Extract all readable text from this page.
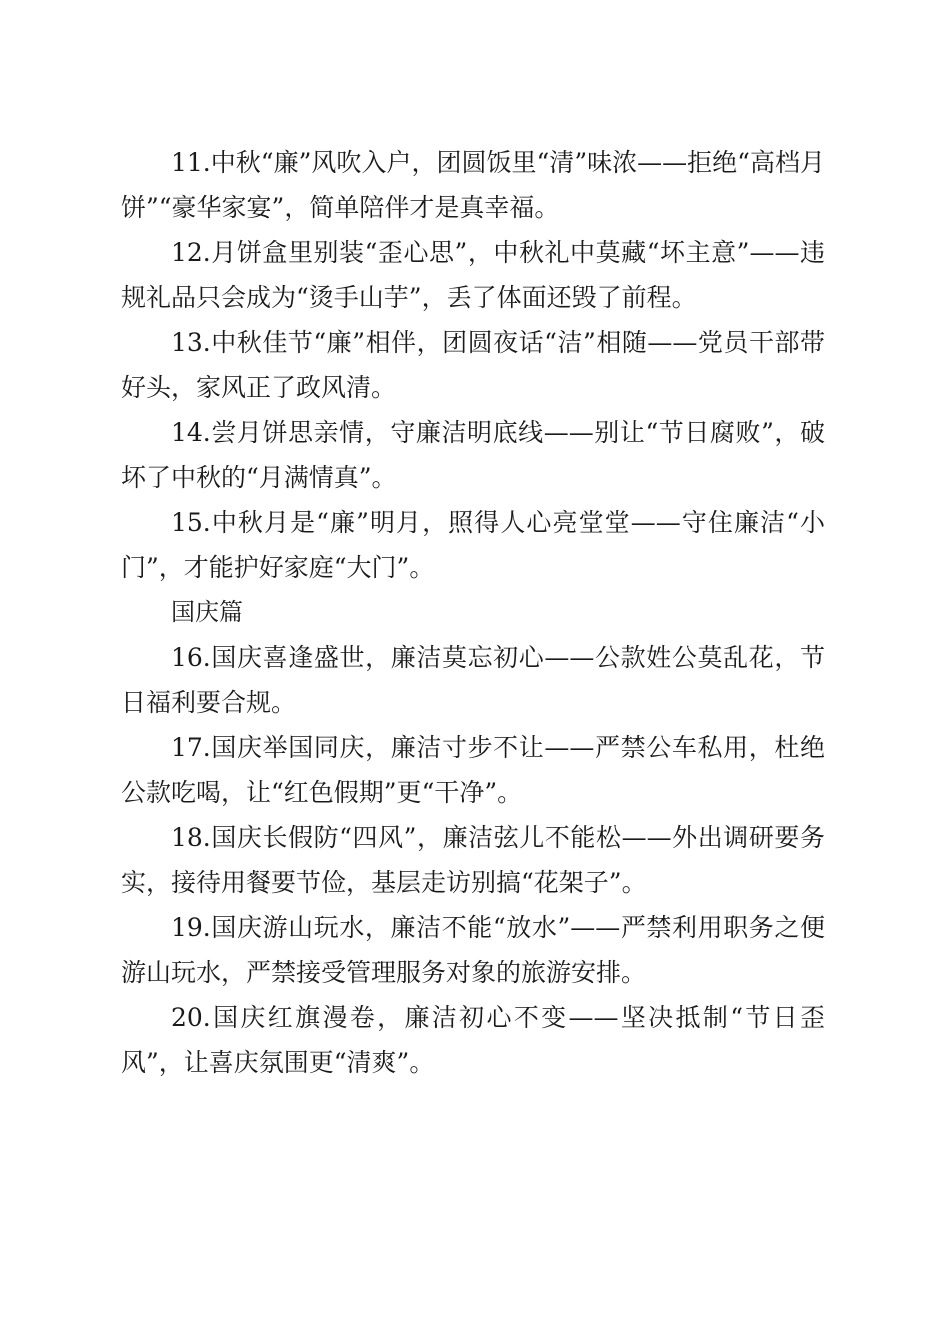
11.中秋“廉”风吹入户，团圆饭里“清”味浓——拒绝“高档月饼”“豪华家宴”，简单陪伴才是真幸福。

12.月饼盒里别装“歪心思”，中秋礼中莫藏“坏主意”——违规礼品只会成为“烫手山芋”，丢了体面还毁了前程。

13.中秋佳节“廉”相伴，团圆夜话“洁”相随——党员干部带好头，家风正了政风清。

14.尝月饼思亲情，守廉洁明底线——别让“节日腐败”，破坏了中秋的“月满情真”。

15.中秋月是“廉”明月，照得人心亮堂堂——守住廉洁“小门”，才能护好家庭“大门”。

国庆篇

16.国庆喜逢盛世，廉洁莫忘初心——公款姓公莫乱花，节日福利要合规。

17.国庆举国同庆，廉洁寸步不让——严禁公车私用，杜绝公款吃喝，让“红色假期”更“干净”。

18.国庆长假防“四风”，廉洁弦儿不能松——外出调研要务实，接待用餐要节俭，基层走访别搞“花架子”。

19.国庆游山玩水，廉洁不能“放水”——严禁利用职务之便游山玩水，严禁接受管理服务对象的旅游安排。

20.国庆红旗漫卷，廉洁初心不变——坚决抵制“节日歪风”，让喜庆氛围更“清爽”。
